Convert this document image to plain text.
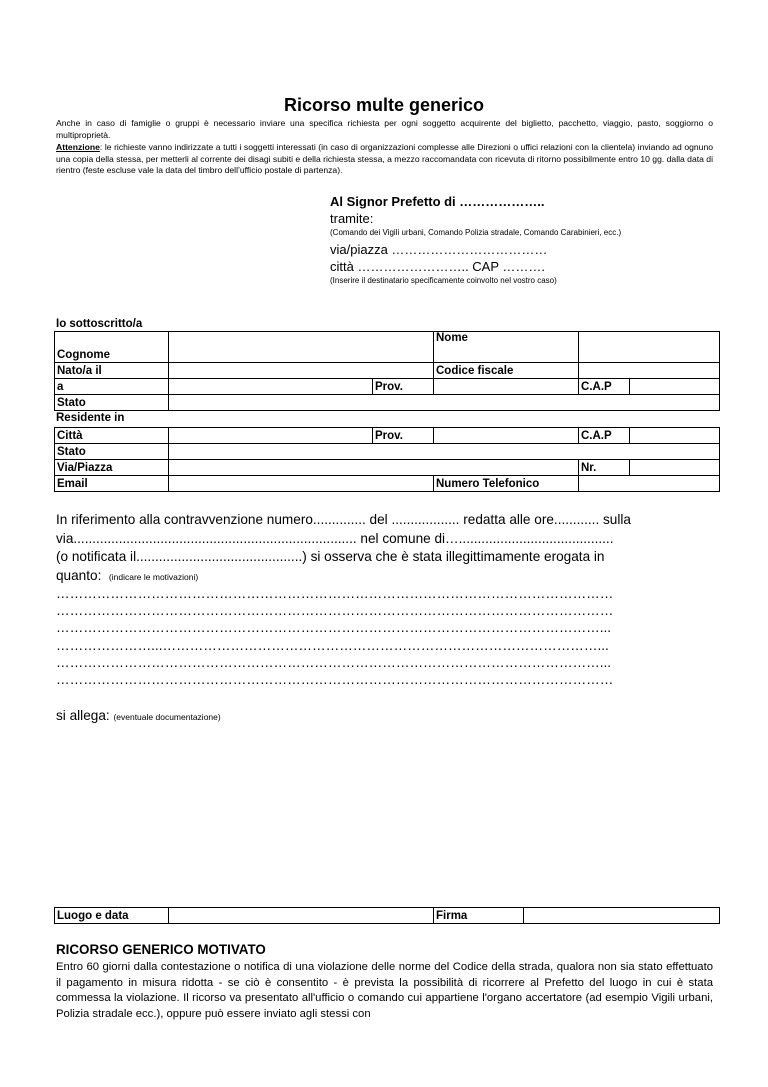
Ricorso multe generico
Anche in caso di famiglie o gruppi è necessario inviare una specifica richiesta per ogni soggetto acquirente del biglietto, pacchetto, viaggio, pasto, soggiorno o multiproprietà.
Attenzione: le richieste vanno indirizzate a tutti i soggetti interessati (in caso di organizzazioni complesse alle Direzioni o uffici relazioni con la clientela) inviando ad ognuno una copia della stessa, per metterli al corrente dei disagi subiti e della richiesta stessa, a mezzo raccomandata con ricevuta di ritorno possibilmente entro 10 gg. dalla data di rientro (feste escluse vale la data del timbro dell’ufficio postale di partenza).
Al Signor Prefetto di ………………..
tramite:
(Comando dei Vigili urbani, Comando Polizia stradale, Comando Carabinieri, ecc.)
via/piazza ………………………………
città …………………….. CAP ……….
(Inserire il destinatario specificamente coinvolto nel vostro caso)
Io sottoscritto/a
Cognome			Nome		
Nato/a il			Codice fiscale		
a		Prov.		C.A.P	
Stato					
Residente in
Città		Prov.		C.A.P	
Stato					
Via/Piazza				Nr.	
Email			Numero Telefonico		
In riferimento alla contravvenzione numero.............. del .................. redatta alle ore............ sulla
via........................................................................... nel comune di….........................................
(o notificata il............................................) si osserva che è stata illegittimamente erogata in
quanto: (indicare le motivazioni)
……………………………………………………………………………………………………………
……………………………………………………………………………………………………………
…………………………………………………………………………………………………………...
…………………...……………………………………………………………………………………...
…………………………………………………………………………………………………………...
……………………………………………………………………………………………………………
si allega: (eventuale documentazione)
Luogo e data		Firma	
RICORSO GENERICO MOTIVATO
Entro 60 giorni dalla contestazione o notifica di una violazione delle norme del Codice della strada, qualora non sia stato effettuato il pagamento in misura ridotta - se ciò è consentito - è prevista la possibilità di ricorrere al Prefetto del luogo in cui è stata commessa la violazione. Il ricorso va presentato all'ufficio o comando cui appartiene l'organo accertatore (ad esempio Vigili urbani, Polizia stradale ecc.), oppure può essere inviato agli stessi con
